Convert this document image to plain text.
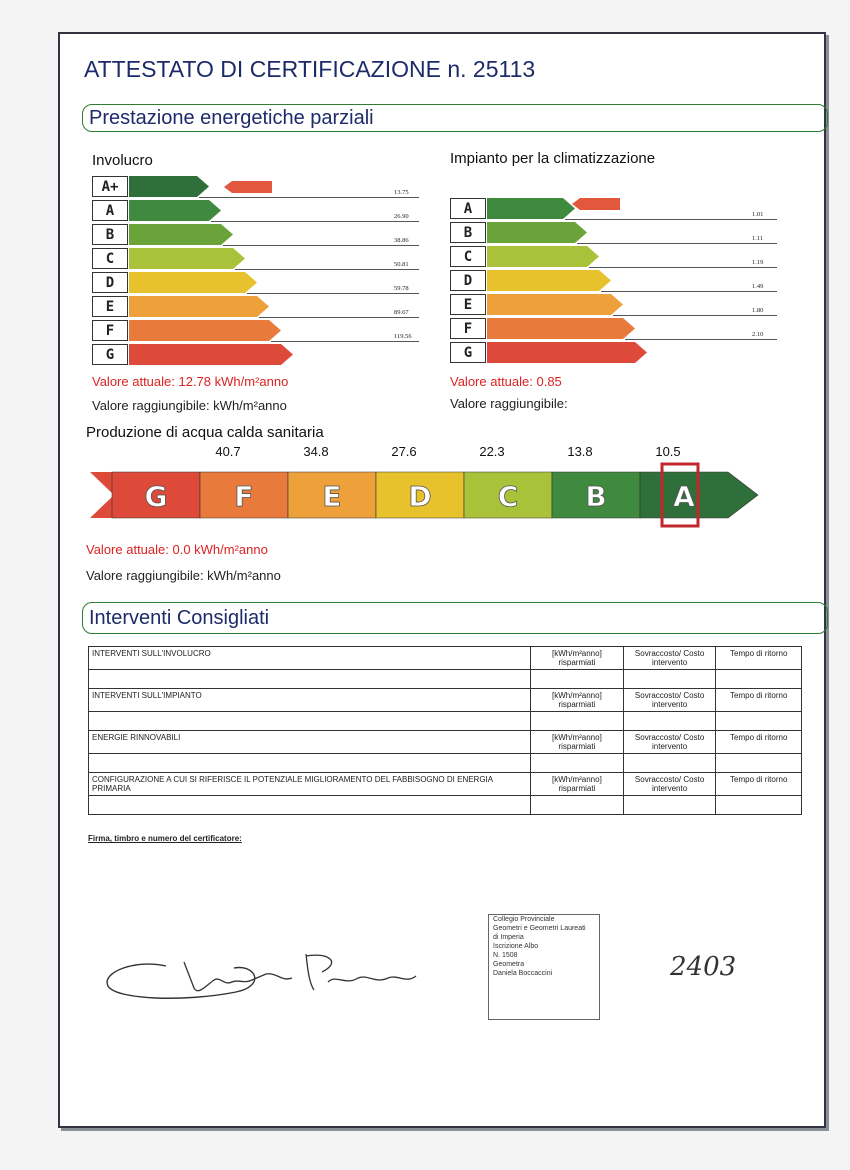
ATTESTATO DI CERTIFICAZIONE n. 25113
Prestazione energetiche parziali
Involucro
A+	13.75
A	26.90
B	38.86
C	50.81
D	59.78
E	89.67
F	119.56
G
Valore attuale: 12.78 kWh/m²anno
Valore raggiungibile: kWh/m²anno
Impianto per la climatizzazione
A	1.01
B	1.11
C	1.19
D	1.49
E	1.80
F	2.10
G
Valore attuale: 0.85
Valore raggiungibile:
Produzione di acqua calda sanitaria
G F E D C B A
40.7	34.8	27.6	22.3	13.8	10.5
Valore attuale: 0.0 kWh/m²anno
Valore raggiungibile: kWh/m²anno
Interventi Consigliati
INTERVENTI SULL'INVOLUCRO	[kWh/m²anno] risparmiati	Sovraccosto/ Costo intervento	Tempo di ritorno

INTERVENTI SULL'IMPIANTO	[kWh/m²anno] risparmiati	Sovraccosto/ Costo intervento	Tempo di ritorno

ENERGIE RINNOVABILI	[kWh/m²anno] risparmiati	Sovraccosto/ Costo intervento	Tempo di ritorno

CONFIGURAZIONE A CUI SI RIFERISCE IL POTENZIALE MIGLIORAMENTO DEL FABBISOGNO DI ENERGIA PRIMARIA	[kWh/m²anno] risparmiati	Sovraccosto/ Costo intervento	Tempo di ritorno

Firma, timbro e numero del certificatore:
Collegio Provinciale
Geometri e Geometri Laureati
di Imperia
Iscrizione Albo
N. 1508
Geometra
Daniela Boccaccini	2403
